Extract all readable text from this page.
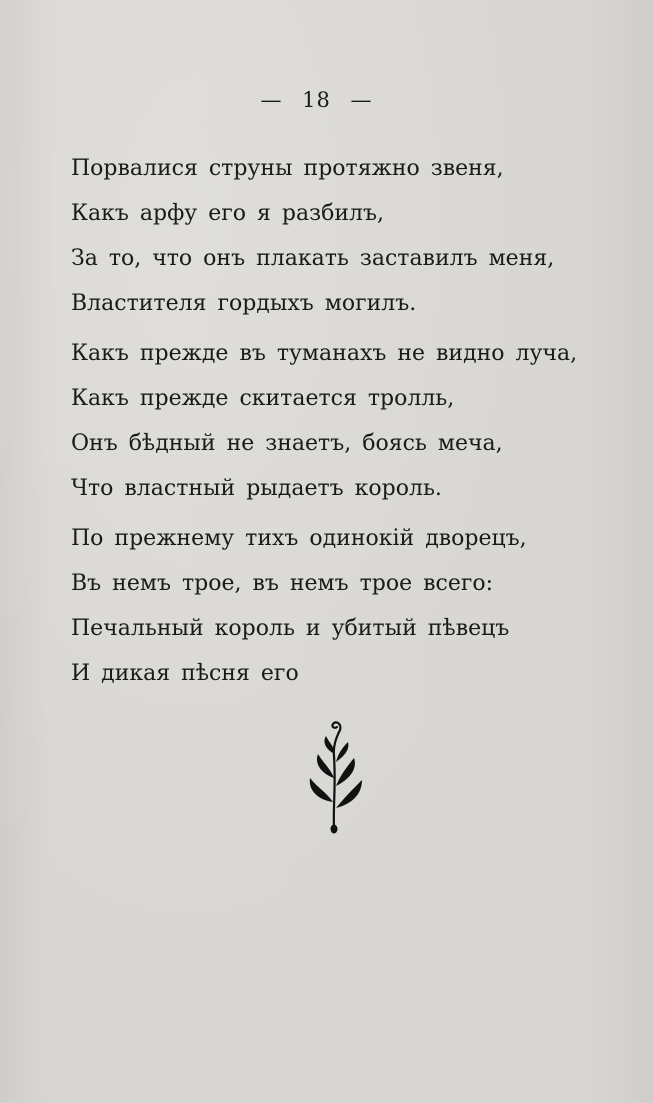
— 18 —
Порвалися струны протяжно звеня,
Какъ арфу его я разбилъ,
За то, что онъ плакать заставилъ меня,
Властителя гордыхъ могилъ.
Какъ прежде въ туманахъ не видно луча,
Какъ прежде скитается тролль,
Онъ бѣдный не знаетъ, боясь меча,
Что властный рыдаетъ король.
По прежнему тихъ одинокій дворецъ,
Въ немъ трое, въ немъ трое всего:
Печальный король и убитый пѣвецъ
И дикая пѣсня его
